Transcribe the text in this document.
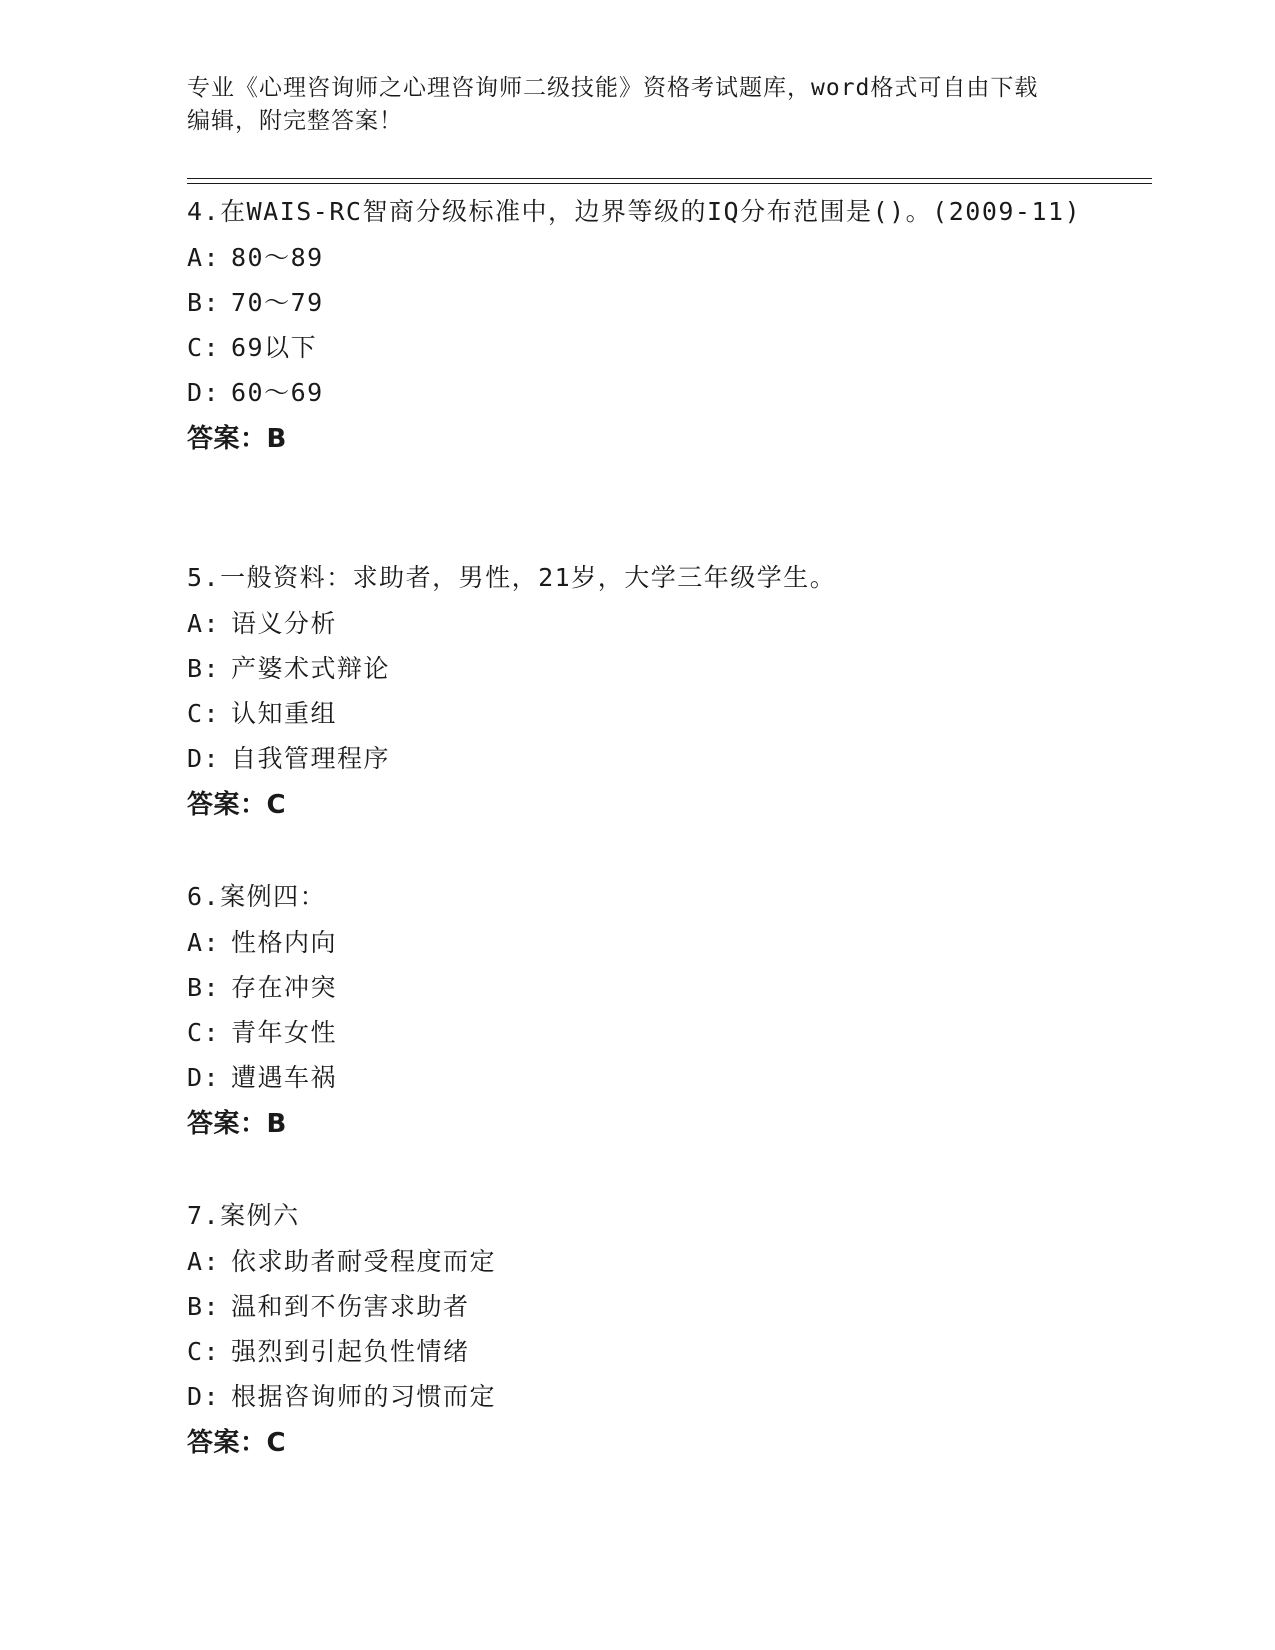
专业《心理咨询师之心理咨询师二级技能》资格考试题库，word格式可自由下载
编辑，附完整答案！
4.在WAIS-RC智商分级标准中，边界等级的IQ分布范围是()。(2009-11)
A: 80～89
B: 70～79
C: 69以下
D: 60～69
答案：B
5.一般资料：求助者，男性，21岁，大学三年级学生。
A: 语义分析
B: 产婆术式辩论
C: 认知重组
D: 自我管理程序
答案：C
6.案例四：
A: 性格内向
B: 存在冲突
C: 青年女性
D: 遭遇车祸
答案：B
7.案例六
A: 依求助者耐受程度而定
B: 温和到不伤害求助者
C: 强烈到引起负性情绪
D: 根据咨询师的习惯而定
答案：C
